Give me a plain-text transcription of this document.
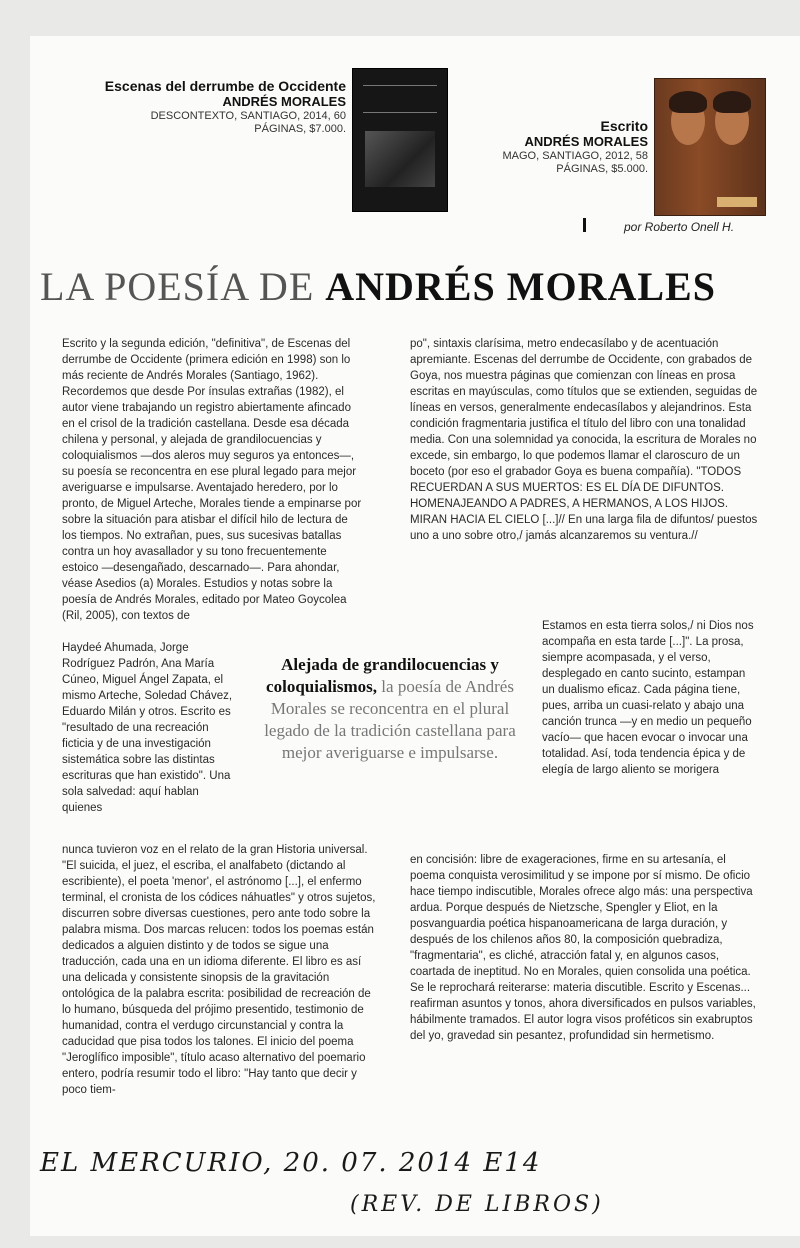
Escenas del derrumbe de Occidente
ANDRÉS MORALES
DESCONTEXTO, SANTIAGO, 2014, 60 PÁGINAS, $7.000.	Escrito
ANDRÉS MORALES
MAGO, SANTIAGO, 2012, 58 PÁGINAS, $5.000.
por Roberto Onell H.
LA POESÍA DE ANDRÉS MORALES

Escrito y la segunda edición, "definitiva", de Escenas del derrumbe de Occidente (primera edición en 1998) son lo más reciente de Andrés Morales (Santiago, 1962). Recordemos que desde Por ínsulas extrañas (1982), el autor viene trabajando un registro abiertamente afincado en el crisol de la tradición castellana. Desde esa década chilena y personal, y alejada de grandilocuencias y coloquialismos —dos aleros muy seguros ya entonces—, su poesía se reconcentra en ese plural legado para mejor averiguarse e impulsarse. Aventajado heredero, por lo pronto, de Miguel Arteche, Morales tiende a empinarse por sobre la situación para atisbar el difícil hilo de lectura de los tiempos. No extrañan, pues, sus sucesivas batallas contra un hoy avasallador y su tono frecuentemente estoico —desengañado, descarnado—. Para ahondar, véase Asedios (a) Morales. Estudios y notas sobre la poesía de Andrés Morales, editado por Mateo Goycolea (Ril, 2005), con textos de

Haydeé Ahumada, Jorge Rodríguez Padrón, Ana María Cúneo, Miguel Ángel Zapata, el mismo Arteche, Soledad Chávez, Eduardo Milán y otros. Escrito es "resultado de una recreación ficticia y de una investigación sistemática sobre las distintas escrituras que han existido". Una sola salvedad: aquí hablan quienes

Alejada de grandilocuencias y coloquialismos, la poesía de Andrés Morales se reconcentra en el plural legado de la tradición castellana para mejor averiguarse e impulsarse.

nunca tuvieron voz en el relato de la gran Historia universal. "El suicida, el juez, el escriba, el analfabeto (dictando al escribiente), el poeta 'menor', el astrónomo [...], el enfermo terminal, el cronista de los códices náhuatles" y otros sujetos, discurren sobre diversas cuestiones, pero ante todo sobre la palabra misma. Dos marcas relucen: todos los poemas están dedicados a alguien distinto y de todos se sigue una traducción, cada una en un idioma diferente. El libro es así una delicada y consistente sinopsis de la gravitación ontológica de la palabra escrita: posibilidad de recreación de lo humano, búsqueda del prójimo presentido, testimonio de humanidad, contra el verdugo circunstancial y contra la caducidad que pisa todos los talones. El inicio del poema "Jeroglífico imposible", título acaso alternativo del poemario entero, podría resumir todo el libro: "Hay tanto que decir y poco tiem-

po", sintaxis clarísima, metro endecasílabo y de acentuación apremiante. Escenas del derrumbe de Occidente, con grabados de Goya, nos muestra páginas que comienzan con líneas en prosa escritas en mayúsculas, como títulos que se extienden, seguidas de líneas en versos, generalmente endecasílabos y alejandrinos. Esta condición fragmentaria justifica el título del libro con una tonalidad media. Con una solemnidad ya conocida, la escritura de Morales no excede, sin embargo, lo que podemos llamar el claroscuro de un boceto (por eso el grabador Goya es buena compañía). "TODOS RECUERDAN A SUS MUERTOS: ES EL DÍA DE DIFUNTOS. HOMENAJEANDO A PADRES, A HERMANOS, A LOS HIJOS. MIRAN HACIA EL CIELO [...]// En una larga fila de difuntos/ puestos uno a uno sobre otro,/ jamás alcanzaremos su ventura.//

Estamos en esta tierra solos,/ ni Dios nos acompaña en esta tarde [...]". La prosa, siempre acompasada, y el verso, desplegado en canto sucinto, estampan un dualismo eficaz. Cada página tiene, pues, arriba un cuasi-relato y abajo una canción trunca —y en medio un pequeño vacío— que hacen evocar o invocar una totalidad. Así, toda tendencia épica y de elegía de largo aliento se morigera

en concisión: libre de exageraciones, firme en su artesanía, el poema conquista verosimilitud y se impone por sí mismo. De oficio hace tiempo indiscutible, Morales ofrece algo más: una perspectiva ardua. Porque después de Nietzsche, Spengler y Eliot, en la posvanguardia poética hispanoamericana de larga duración, y después de los chilenos años 80, la composición quebradiza, "fragmentaria", es cliché, atracción fatal y, en algunos casos, coartada de ineptitud. No en Morales, quien consolida una poética. Se le reprochará reiterarse: materia discutible. Escrito y Escenas... reafirman asuntos y tonos, ahora diversificados en pulsos variables, hábilmente tramados. El autor logra visos proféticos sin exabruptos del yo, gravedad sin pesantez, profundidad sin hermetismo.

EL MERCURIO, 20. 07. 2014 E14
(REV. DE LIBROS)
